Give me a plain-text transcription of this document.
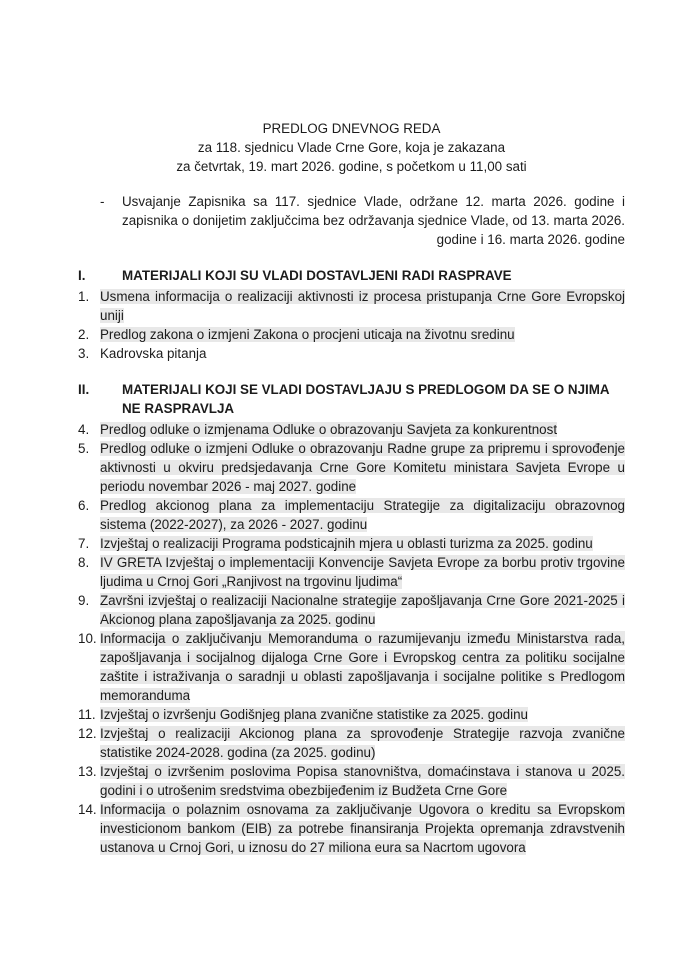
PREDLOG DNEVNOG REDA
za 118. sjednicu Vlade Crne Gore, koja je zakazana
za četvrtak, 19. mart 2026. godine, s početkom u 11,00 sati
-	Usvajanje Zapisnika sa 117. sjednice Vlade, održane 12. marta 2026. godine i zapisnika o donijetim zaključcima bez održavanja sjednice Vlade, od 13. marta 2026. godine i 16. marta 2026. godine
I.	MATERIJALI KOJI SU VLADI DOSTAVLJENI RADI RASPRAVE
1. Usmena informacija o realizaciji aktivnosti iz procesa pristupanja Crne Gore Evropskoj uniji
2. Predlog zakona o izmjeni Zakona o procjeni uticaja na životnu sredinu
3. Kadrovska pitanja
II.	MATERIJALI KOJI SE VLADI DOSTAVLJAJU S PREDLOGOM DA SE O NJIMA NE RASPRAVLJA
4. Predlog odluke o izmjenama Odluke o obrazovanju Savjeta za konkurentnost
5. Predlog odluke o izmjeni Odluke o obrazovanju Radne grupe za pripremu i sprovođenje aktivnosti u okviru predsjedavanja Crne Gore Komitetu ministara Savjeta Evrope u periodu novembar 2026 - maj 2027. godine
6. Predlog akcionog plana za implementaciju Strategije za digitalizaciju obrazovnog sistema (2022-2027), za 2026 - 2027. godinu
7. Izvještaj o realizaciji Programa podsticajnih mjera u oblasti turizma za 2025. godinu
8. IV GRETA Izvještaj o implementaciji Konvencije Savjeta Evrope za borbu protiv trgovine ljudima u Crnoj Gori „Ranjivost na trgovinu ljudima“
9. Završni izvještaj o realizaciji Nacionalne strategije zapošljavanja Crne Gore 2021-2025 i Akcionog plana zapošljavanja za 2025. godinu
10. Informacija o zaključivanju Memoranduma o razumijevanju između Ministarstva rada, zapošljavanja i socijalnog dijaloga Crne Gore i Evropskog centra za politiku socijalne zaštite i istraživanja o saradnji u oblasti zapošljavanja i socijalne politike s Predlogom memoranduma
11. Izvještaj o izvršenju Godišnjeg plana zvanične statistike za 2025. godinu
12. Izvještaj o realizaciji Akcionog plana za sprovođenje Strategije razvoja zvanične statistike 2024-2028. godina (za 2025. godinu)
13. Izvještaj o izvršenim poslovima Popisa stanovništva, domaćinstava i stanova u 2025. godini i o utrošenim sredstvima obezbijeđenim iz Budžeta Crne Gore
14. Informacija o polaznim osnovama za zaključivanje Ugovora o kreditu sa Evropskom investicionom bankom (EIB) za potrebe finansiranja Projekta opremanja zdravstvenih ustanova u Crnoj Gori, u iznosu do 27 miliona eura sa Nacrtom ugovora
